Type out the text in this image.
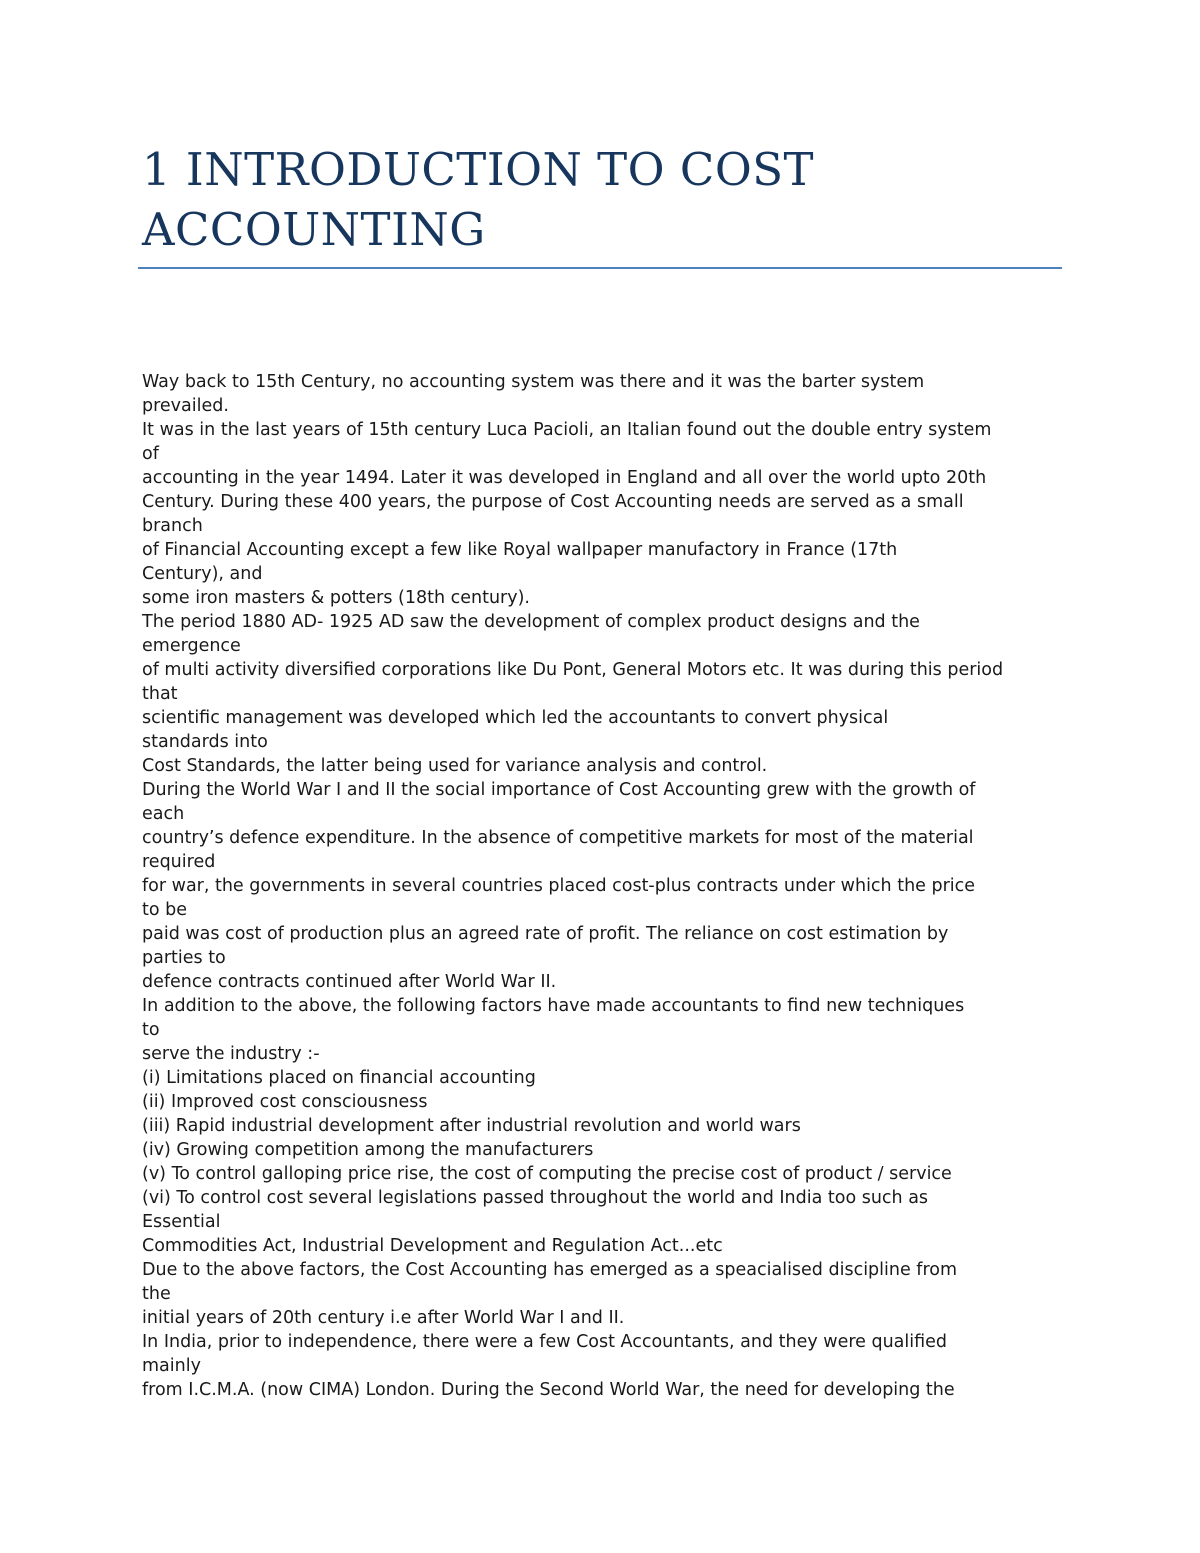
1 INTRODUCTION TO COST
ACCOUNTING
Way back to 15th Century, no accounting system was there and it was the barter system
prevailed.
It was in the last years of 15th century Luca Pacioli, an Italian found out the double entry system
of
accounting in the year 1494. Later it was developed in England and all over the world upto 20th
Century. During these 400 years, the purpose of Cost Accounting needs are served as a small
branch
of Financial Accounting except a few like Royal wallpaper manufactory in France (17th
Century), and
some iron masters & potters (18th century).
The period 1880 AD- 1925 AD saw the development of complex product designs and the
emergence
of multi activity diversified corporations like Du Pont, General Motors etc. It was during this period
that
scientific management was developed which led the accountants to convert physical
standards into
Cost Standards, the latter being used for variance analysis and control.
During the World War I and II the social importance of Cost Accounting grew with the growth of
each
country’s defence expenditure. In the absence of competitive markets for most of the material
required
for war, the governments in several countries placed cost-plus contracts under which the price
to be
paid was cost of production plus an agreed rate of profit. The reliance on cost estimation by
parties to
defence contracts continued after World War II.
In addition to the above, the following factors have made accountants to find new techniques
to
serve the industry :-
(i) Limitations placed on financial accounting
(ii) Improved cost consciousness
(iii) Rapid industrial development after industrial revolution and world wars
(iv) Growing competition among the manufacturers
(v) To control galloping price rise, the cost of computing the precise cost of product / service
(vi) To control cost several legislations passed throughout the world and India too such as
Essential
Commodities Act, Industrial Development and Regulation Act...etc
Due to the above factors, the Cost Accounting has emerged as a speacialised discipline from
the
initial years of 20th century i.e after World War I and II.
In India, prior to independence, there were a few Cost Accountants, and they were qualified
mainly
from I.C.M.A. (now CIMA) London. During the Second World War, the need for developing the
